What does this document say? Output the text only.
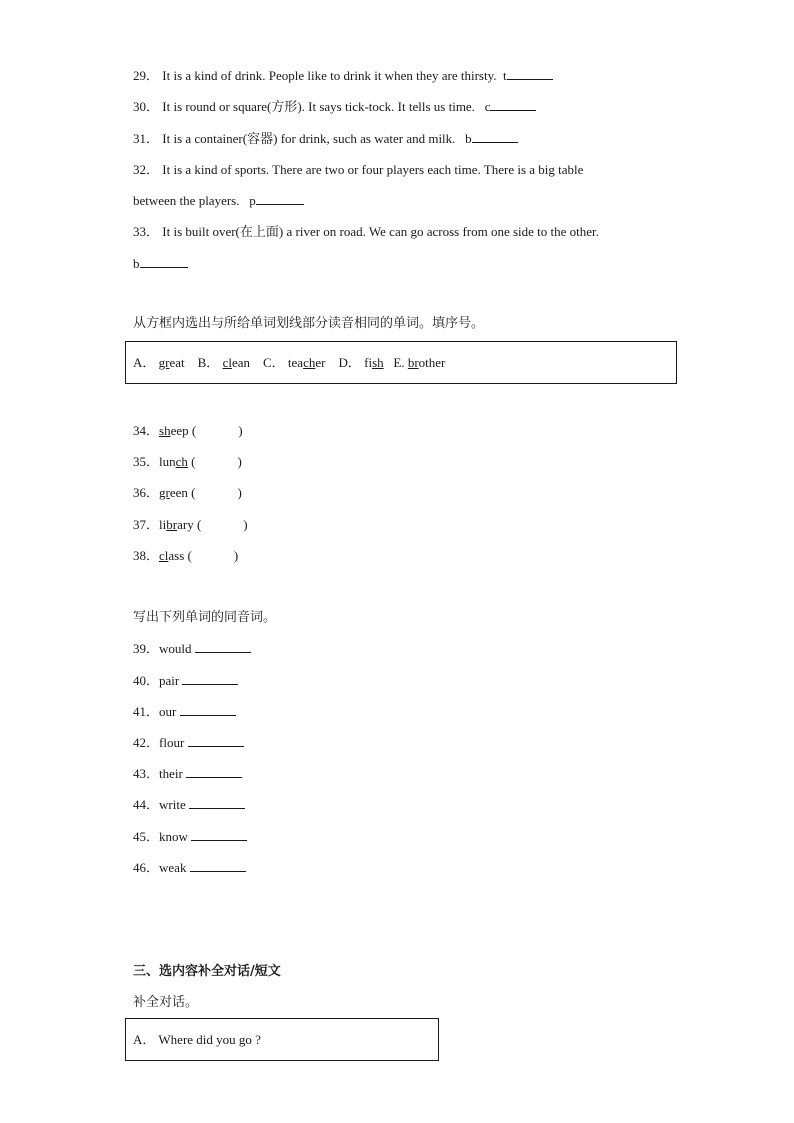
29． It is a kind of drink. People like to drink it when they are thirsty. t
30． It is round or square(方形). It says tick-tock. It tells us time. c
31． It is a container(容器) for drink, such as water and milk. b
32． It is a kind of sports. There are two or four players each time. There is a big table
between the players. p
33． It is built over(在上面) a river on road. We can go across from one side to the other.
b
从方框内选出与所给单词划线部分读音相同的单词。填序号。
A． great B． clean C． teacher D． fish E. brother
34．sheep (	)
35．lunch (	)
36．green (	)
37．library (	)
38．class (	)
写出下列单词的同音词。
39．would
40．pair
41．our
42．flour
43．their
44．write
45．know
46．weak
三、选内容补全对话/短文
补全对话。
A． Where did you go ?
